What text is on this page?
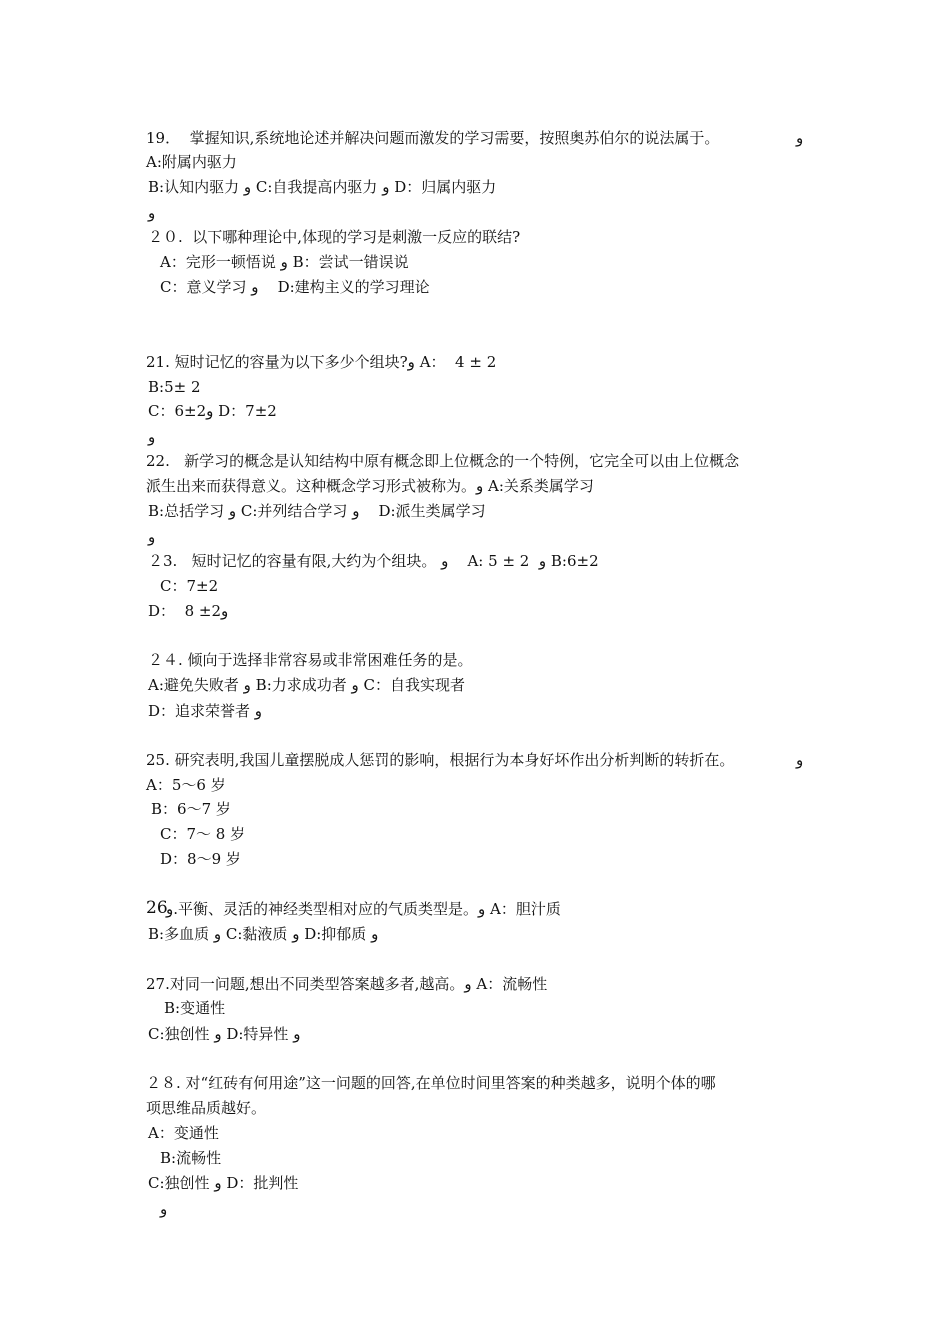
19．  掌握知识,系统地论述并解决问题而激发的学习需要，按照奥苏伯尔的说法属于。	و
A:附属内驱力
B:认知内驱力 و C:自我提高内驱力 و D：归属内驱力
و
２０.  以下哪种理论中,体现的学习是刺激一反应的联结?
A：完形一顿悟说 و B：尝试一错误说
C：意义学习 و    D:建构主义的学习理论
21. 短时记忆的容量为以下多少个组块?و A：  4 ± 2
B:5± 2
C：6±2و D：7±2
و
22.   新学习的概念是认知结构中原有概念即上位概念的一个特例，它完全可以由上位概念
派生出来而获得意义。这种概念学习形式被称为。و A:关系类属学习
B:总括学习 و C:并列结合学习 و    D:派生类属学习
و
２3.   短时记忆的容量有限,大约为个组块。 و    A: 5 ± 2  و B:6±2
C：7±2
D：  8 ±2و
２４. 倾向于选择非常容易或非常困难任务的是。
A:避免失败者 و B:力求成功者 و C：自我实现者
D：追求荣誉者 و
25. 研究表明,我国儿童摆脱成人惩罚的影响，根据行为本身好坏作出分析判断的转折在。	و
A：5～6 岁
B：6～7 岁
C：7～ 8 岁
D：8～9 岁
26
و.平衡、灵活的神经类型相对应的气质类型是。و A：胆汁质
B:多血质 و C:黏液质 و D:抑郁质 و
27.对同一问题,想出不同类型答案越多者,越高。و A：流畅性
B:变通性
C:独创性 و D:特异性 و
２８. 对“红砖有何用途”这一问题的回答,在单位时间里答案的种类越多，说明个体的哪
项思维品质越好。
A：变通性
B:流畅性
C:独创性 و D：批判性
و
